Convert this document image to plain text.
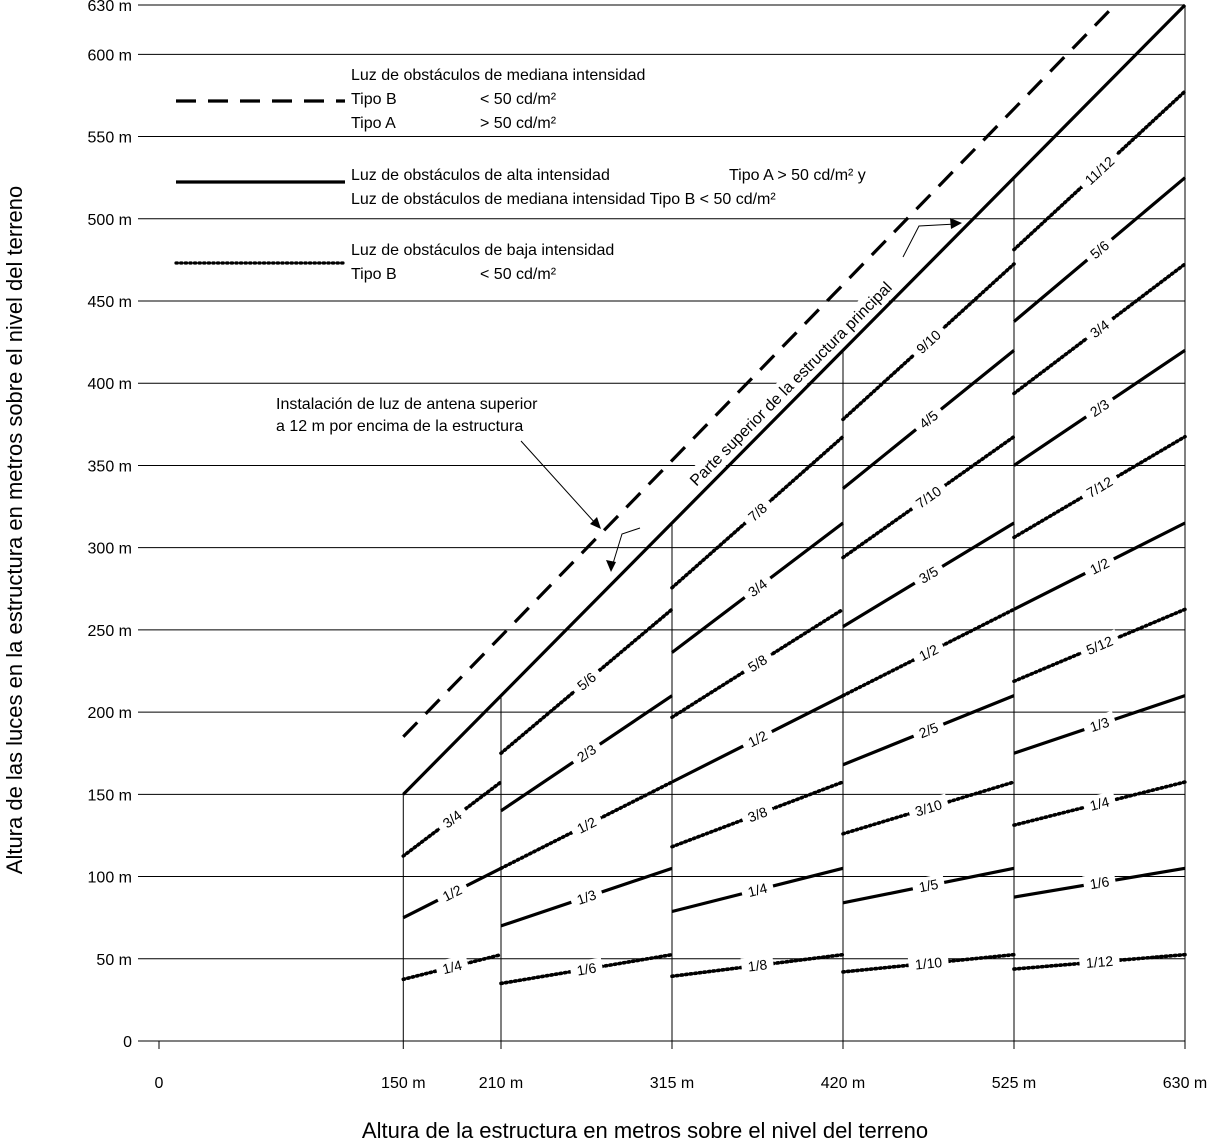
0
50 m
100 m
150 m
200 m
250 m
300 m
350 m
400 m
450 m
500 m
550 m
600 m
630 m
0	150 m	210 m	315 m	420 m	525 m	630 m
1/4
1/2
3/4
1/6
1/3
1/2
2/3
5/6
1/8
1/4
3/8
1/2
5/8
3/4
7/8
1/10
1/5
3/10
2/5
1/2
3/5
7/10
4/5
9/10
1/12
1/6
1/4
1/3
5/12
1/2
7/12
2/3
3/4
5/6
11/12
Luz de obstáculos de mediana intensidad
Tipo B	< 50 cd/m²
Tipo A	> 50 cd/m²
Luz de obstáculos de alta intensidad	Tipo A > 50 cd/m² y
Luz de obstáculos de mediana intensidad Tipo B < 50 cd/m²
Luz de obstáculos de baja intensidad
Tipo B	< 50 cd/m²
Parte superior de la estructura principal
Instalación de luz de antena superior
a 12 m por encima de la estructura
Altura de la estructura en metros sobre el nivel del terreno
Altura de las luces en la estructura en metros sobre el nivel del terreno
